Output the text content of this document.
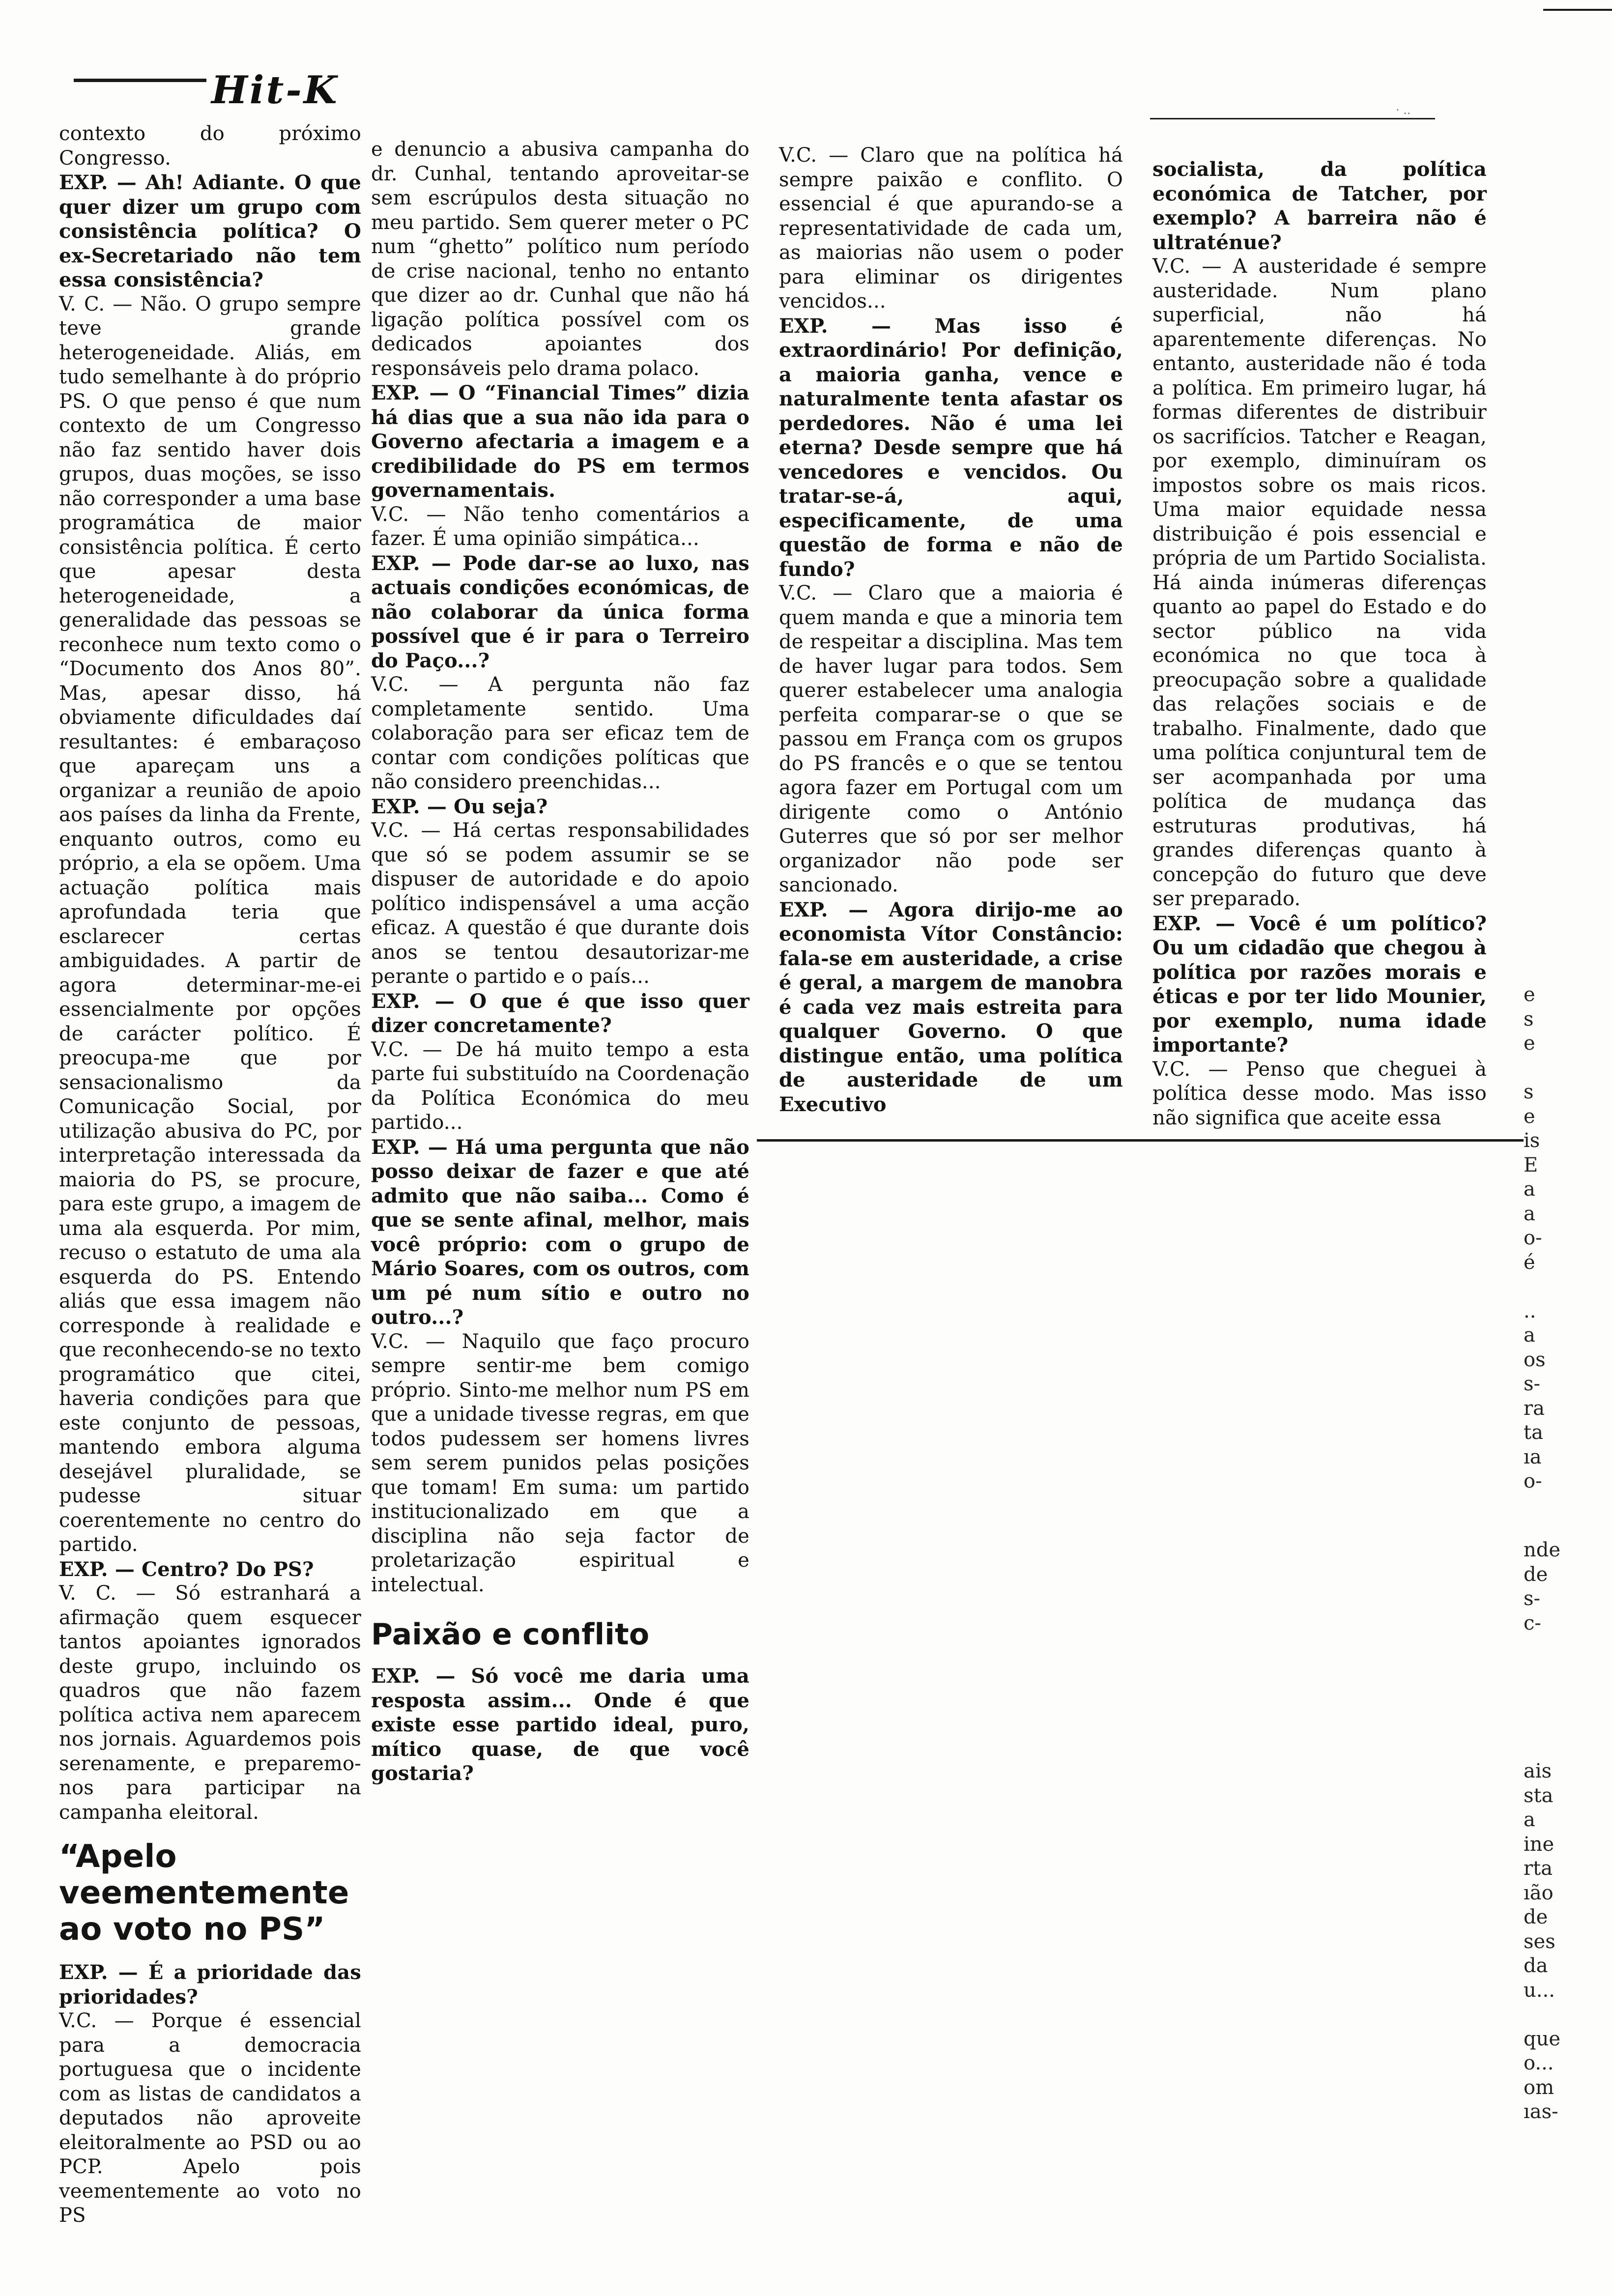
Hit-K	· ..

contexto do próximo Congresso.

EXP. — Ah! Adiante. O que quer dizer um grupo com consistência política? O ex-Secretariado não tem essa consistência?

V. C. — Não. O grupo sempre teve grande heterogeneidade. Aliás, em tudo semelhante à do próprio PS. O que penso é que num contexto de um Congresso não faz sentido haver dois grupos, duas moções, se isso não corresponder a uma base programática de maior consistência política. É certo que apesar desta heterogeneidade, a generalidade das pessoas se reconhece num texto como o “Documento dos Anos 80”. Mas, apesar disso, há obviamente dificuldades daí resultantes: é embaraçoso que apareçam uns a organizar a reunião de apoio aos países da linha da Frente, enquanto outros, como eu próprio, a ela se opõem. Uma actuação política mais aprofundada teria que esclarecer certas ambiguidades. A partir de agora determinar-me-ei essencialmente por opções de carácter político. É preocupa-me que por sensacionalismo da Comunicação Social, por utilização abusiva do PC, por interpretação interessada da maioria do PS, se procure, para este grupo, a imagem de uma ala esquerda. Por mim, recuso o estatuto de uma ala esquerda do PS. Entendo aliás que essa imagem não corresponde à realidade e que reconhecendo-se no texto programático que citei, haveria condições para que este conjunto de pessoas, mantendo embora alguma desejável pluralidade, se pudesse situar coerentemente no centro do partido.

EXP. — Centro? Do PS?

V. C. — Só estranhará a afirmação quem esquecer tantos apoiantes ignorados deste grupo, incluindo os quadros que não fazem política activa nem aparecem nos jornais. Aguardemos pois serenamente, e preparemo-nos para participar na campanha eleitoral.

“Apelo veementemente ao voto no PS”

EXP. — É a prioridade das prioridades?

V.C. — Porque é essencial para a democracia portuguesa que o incidente com as listas de candidatos a deputados não aproveite eleitoralmente ao PSD ou ao PCP. Apelo pois veementemente ao voto no PS

e denuncio a abusiva campanha do dr. Cunhal, tentando aproveitar-se sem escrúpulos desta situação no meu partido. Sem querer meter o PC num “ghetto” político num período de crise nacional, tenho no entanto que dizer ao dr. Cunhal que não há ligação política possível com os dedicados apoiantes dos responsáveis pelo drama polaco.

EXP. — O “Financial Times” dizia há dias que a sua não ida para o Governo afectaria a imagem e a credibilidade do PS em termos governamentais.

V.C. — Não tenho comentários a fazer. É uma opinião simpática...

EXP. — Pode dar-se ao luxo, nas actuais condições económicas, de não colaborar da única forma possível que é ir para o Terreiro do Paço...?

V.C. — A pergunta não faz completamente sentido. Uma colaboração para ser eficaz tem de contar com condições políticas que não considero preenchidas...

EXP. — Ou seja?

V.C. — Há certas responsabilidades que só se podem assumir se se dispuser de autoridade e do apoio político indispensável a uma acção eficaz. A questão é que durante dois anos se tentou desautorizar-me perante o partido e o país...

EXP. — O que é que isso quer dizer concretamente?

V.C. — De há muito tempo a esta parte fui substituído na Coordenação da Política Económica do meu partido...

EXP. — Há uma pergunta que não posso deixar de fazer e que até admito que não saiba... Como é que se sente afinal, melhor, mais você próprio: com o grupo de Mário Soares, com os outros, com um pé num sítio e outro no outro...?

V.C. — Naquilo que faço procuro sempre sentir-me bem comigo próprio. Sinto-me melhor num PS em que a unidade tivesse regras, em que todos pudessem ser homens livres sem serem punidos pelas posições que tomam! Em suma: um partido institucionalizado em que a disciplina não seja factor de proletarização espiritual e intelectual.

Paixão e conflito

EXP. — Só você me daria uma resposta assim... Onde é que existe esse partido ideal, puro, mítico quase, de que você gostaria?

V.C. — Claro que na política há sempre paixão e conflito. O essencial é que apurando-se a representatividade de cada um, as maiorias não usem o poder para eliminar os dirigentes vencidos...

EXP. — Mas isso é extraordinário! Por definição, a maioria ganha, vence e naturalmente tenta afastar os perdedores. Não é uma lei eterna? Desde sempre que há vencedores e vencidos. Ou tratar-se-á, aqui, especificamente, de uma questão de forma e não de fundo?

V.C. — Claro que a maioria é quem manda e que a minoria tem de respeitar a disciplina. Mas tem de haver lugar para todos. Sem querer estabelecer uma analogia perfeita comparar-se o que se passou em França com os grupos do PS francês e o que se tentou agora fazer em Portugal com um dirigente como o António Guterres que só por ser melhor organizador não pode ser sancionado.

EXP. — Agora dirijo-me ao economista Vítor Constâncio: fala-se em austeridade, a crise é geral, a margem de manobra é cada vez mais estreita para qualquer Governo. O que distingue então, uma política de austeridade de um Executivo

socialista, da política económica de Tatcher, por exemplo? A barreira não é ultraténue?

V.C. — A austeridade é sempre austeridade. Num plano superficial, não há aparentemente diferenças. No entanto, austeridade não é toda a política. Em primeiro lugar, há formas diferentes de distribuir os sacrifícios. Tatcher e Reagan, por exemplo, diminuíram os impostos sobre os mais ricos. Uma maior equidade nessa distribuição é pois essencial e própria de um Partido Socialista. Há ainda inúmeras diferenças quanto ao papel do Estado e do sector público na vida económica no que toca à preocupação sobre a qualidade das relações sociais e de trabalho. Finalmente, dado que uma política conjuntural tem de ser acompanhada por uma política de mudança das estruturas produtivas, há grandes diferenças quanto à concepção do futuro que deve ser preparado.

EXP. — Você é um político? Ou um cidadão que chegou à política por razões morais e éticas e por ter lido Mounier, por exemplo, numa idade importante?

V.C. — Penso que cheguei à política desse modo. Mas isso não significa que aceite essa

e
s
e
s
e
is
E
a
a
o-
é
..
a
os
s-
ra
ta
ıa
o-
nde
de
s-
c-
ais
sta
a
ine
rta
ıão
de
ses
da
u...
que
o...
om
ıas-
